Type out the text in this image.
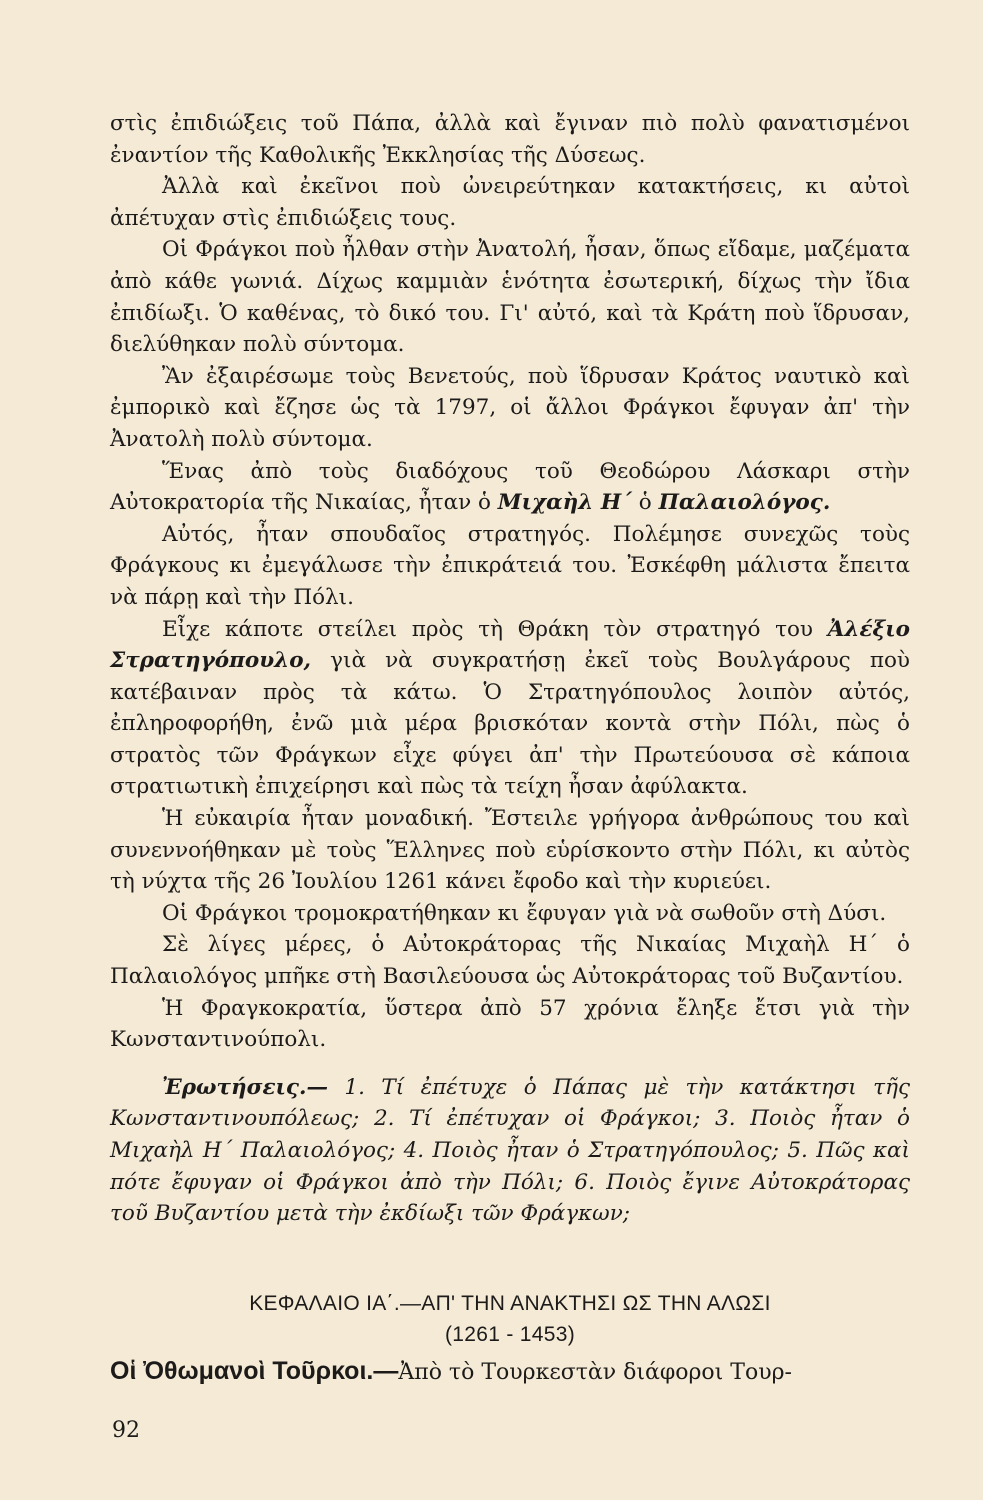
στὶς ἐπιδιώξεις τοῦ Πάπα, ἀλλὰ καὶ ἔγιναν πιὸ πολὺ φανατισμένοι ἐναντίον τῆς Καθολικῆς Ἐκκλησίας τῆς Δύσεως.

Ἀλλὰ καὶ ἐκεῖνοι ποὺ ὠνειρεύτηκαν κατακτήσεις, κι αὐτοὶ ἀπέτυχαν στὶς ἐπιδιώξεις τους.

Οἱ Φράγκοι ποὺ ἦλθαν στὴν Ἀνατολή, ἦσαν, ὅπως εἴδαμε, μαζέματα ἀπὸ κάθε γωνιά. Δίχως καμμιὰν ἑνότητα ἐσωτερική, δίχως τὴν ἴδια ἐπιδίωξι. Ὁ καθένας, τὸ δικό του. Γι' αὐτό, καὶ τὰ Κράτη ποὺ ἵδρυσαν, διελύθηκαν πολὺ σύντομα.

Ἂν ἐξαιρέσωμε τοὺς Βενετούς, ποὺ ἵδρυσαν Κράτος ναυτικὸ καὶ ἐμπορικὸ καὶ ἔζησε ὡς τὰ 1797, οἱ ἄλλοι Φράγκοι ἔφυγαν ἀπ' τὴν Ἀνατολὴ πολὺ σύντομα.

Ἕνας ἀπὸ τοὺς διαδόχους τοῦ Θεοδώρου Λάσκαρι στὴν Αὐτοκρατορία τῆς Νικαίας, ἦταν ὁ Μιχαὴλ Η΄ ὁ Παλαιολόγος.

Αὐτός, ἦταν σπουδαῖος στρατηγός. Πολέμησε συνεχῶς τοὺς Φράγκους κι ἐμεγάλωσε τὴν ἐπικράτειά του. Ἐσκέφθη μάλιστα ἔπειτα νὰ πάρῃ καὶ τὴν Πόλι.

Εἶχε κάποτε στείλει πρὸς τὴ Θράκη τὸν στρατηγό του Ἀλέξιο Στρατηγόπουλο, γιὰ νὰ συγκρατήσῃ ἐκεῖ τοὺς Βουλγάρους ποὺ κατέβαιναν πρὸς τὰ κάτω. Ὁ Στρατηγόπουλος λοιπὸν αὐτός, ἐπληροφορήθη, ἐνῶ μιὰ μέρα βρισκόταν κοντὰ στὴν Πόλι, πὼς ὁ στρατὸς τῶν Φράγκων εἶχε φύγει ἀπ' τὴν Πρωτεύουσα σὲ κάποια στρατιωτικὴ ἐπιχείρησι καὶ πὼς τὰ τείχη ἦσαν ἀφύλακτα.

Ἡ εὐκαιρία ἦταν μοναδική. Ἔστειλε γρήγορα ἀνθρώπους του καὶ συνεννοήθηκαν μὲ τοὺς Ἕλληνες ποὺ εὑρίσκοντο στὴν Πόλι, κι αὐτὸς τὴ νύχτα τῆς 26 Ἰουλίου 1261 κάνει ἔφοδο καὶ τὴν κυριεύει.

Οἱ Φράγκοι τρομοκρατήθηκαν κι ἔφυγαν γιὰ νὰ σωθοῦν στὴ Δύσι.

Σὲ λίγες μέρες, ὁ Αὐτοκράτορας τῆς Νικαίας Μιχαὴλ Η΄ ὁ Παλαιολόγος μπῆκε στὴ Βασιλεύουσα ὡς Αὐτοκράτορας τοῦ Βυζαντίου.

Ἡ Φραγκοκρατία, ὕστερα ἀπὸ 57 χρόνια ἔληξε ἔτσι γιὰ τὴν Κωνσταντινούπολι.

Ἐρωτήσεις.— 1. Τί ἐπέτυχε ὁ Πάπας μὲ τὴν κατάκτησι τῆς Κωνσταντινουπόλεως; 2. Τί ἐπέτυχαν οἱ Φράγκοι; 3. Ποιὸς ἦταν ὁ Μιχαὴλ Η΄ Παλαιολόγος; 4. Ποιὸς ἦταν ὁ Στρατηγόπουλος; 5. Πῶς καὶ πότε ἔφυγαν οἱ Φράγκοι ἀπὸ τὴν Πόλι; 6. Ποιὸς ἔγινε Αὐτοκράτορας τοῦ Βυζαντίου μετὰ τὴν ἐκδίωξι τῶν Φράγκων;

ΚΕΦΑΛΑΙΟ ΙΑ΄.—ΑΠ' ΤΗΝ ΑΝΑΚΤΗΣΙ ΩΣ ΤΗΝ ΑΛΩΣΙ
(1261 - 1453)
Οἱ Ὀθωμανοὶ Τοῦρκοι.—Ἀπὸ τὸ Τουρκεστὰν διάφοροι Τουρ-
92
